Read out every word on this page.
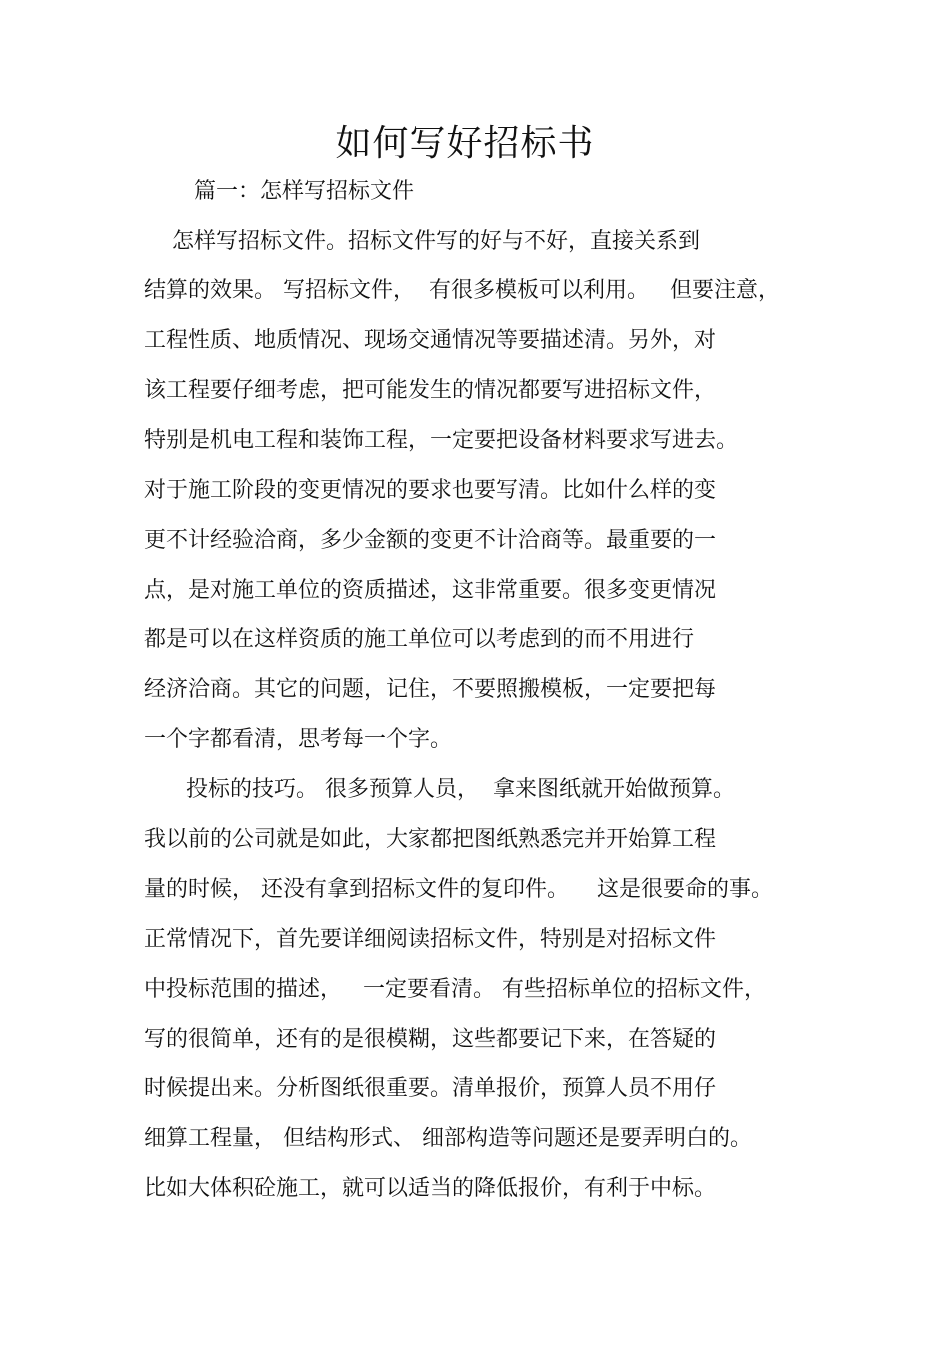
如何写好招标书
篇一：怎样写招标文件
怎样写招标文件。招标文件写的好与不好，直接关系到
结算的效果。 写招标文件，  有很多模板可以利用。   但要注意，
工程性质、地质情况、现场交通情况等要描述清。另外，对
该工程要仔细考虑，把可能发生的情况都要写进招标文件，
特别是机电工程和装饰工程，一定要把设备材料要求写进去。
对于施工阶段的变更情况的要求也要写清。比如什么样的变
更不计经验洽商，多少金额的变更不计洽商等。最重要的一
点，是对施工单位的资质描述，这非常重要。很多变更情况
都是可以在这样资质的施工单位可以考虑到的而不用进行
经济洽商。其它的问题，记住，不要照搬模板，一定要把每
一个字都看清，思考每一个字。
投标的技巧。 很多预算人员，  拿来图纸就开始做预算。
我以前的公司就是如此，大家都把图纸熟悉完并开始算工程
量的时候， 还没有拿到招标文件的复印件。    这是很要命的事。
正常情况下，首先要详细阅读招标文件，特别是对招标文件
中投标范围的描述，   一定要看清。 有些招标单位的招标文件，
写的很简单，还有的是很模糊，这些都要记下来，在答疑的
时候提出来。分析图纸很重要。清单报价，预算人员不用仔
细算工程量， 但结构形式、 细部构造等问题还是要弄明白的。
比如大体积砼施工，就可以适当的降低报价，有利于中标。
